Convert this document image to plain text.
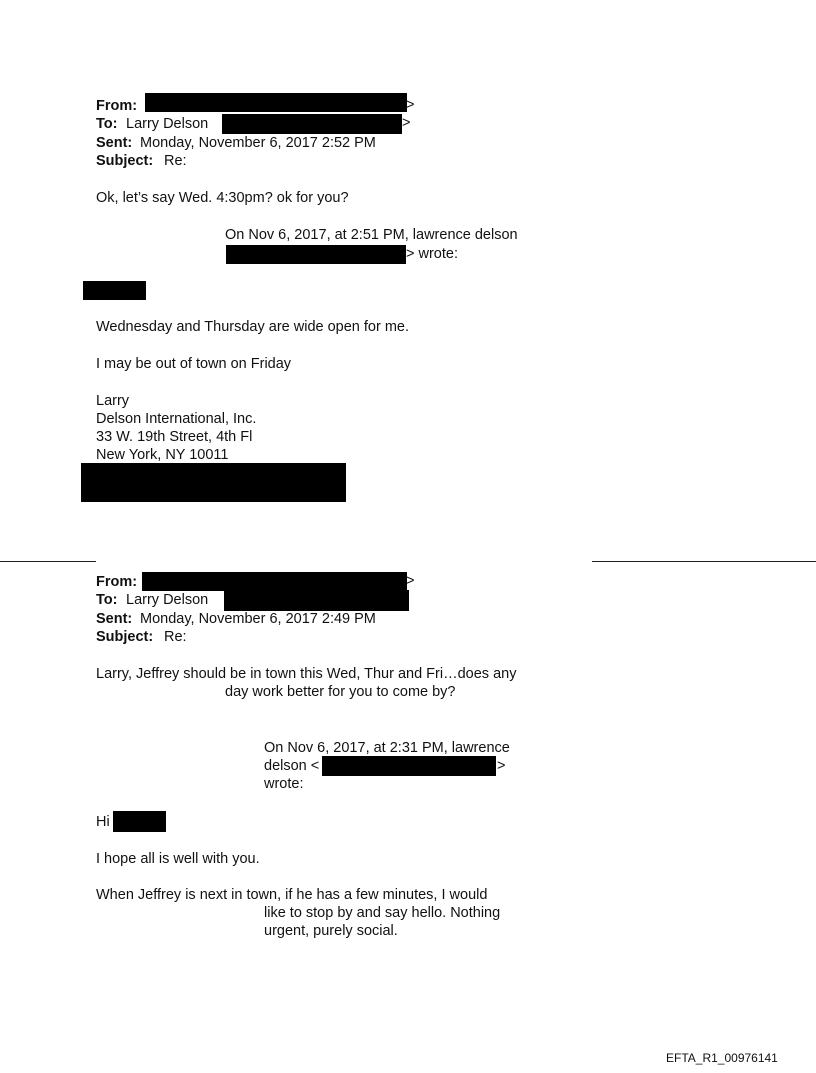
From:	>
To: Larry Delson	>
Sent: Monday, November 6, 2017 2:52 PM
Subject: Re:
Ok, let’s say Wed. 4:30pm? ok for you?
On Nov 6, 2017, at 2:51 PM, lawrence delson
> wrote:
Wednesday and Thursday are wide open for me.
I may be out of town on Friday
Larry
Delson International, Inc.
33 W. 19th Street, 4th Fl
New York, NY 10011
From:	>
To: Larry Delson
Sent: Monday, November 6, 2017 2:49 PM
Subject: Re:
Larry, Jeffrey should be in town this Wed, Thur and Fri…does any
day work better for you to come by?
On Nov 6, 2017, at 2:31 PM, lawrence
delson <	>
wrote:
Hi
I hope all is well with you.
When Jeffrey is next in town, if he has a few minutes, I would
like to stop by and say hello. Nothing
urgent, purely social.
EFTA_R1_00976141
